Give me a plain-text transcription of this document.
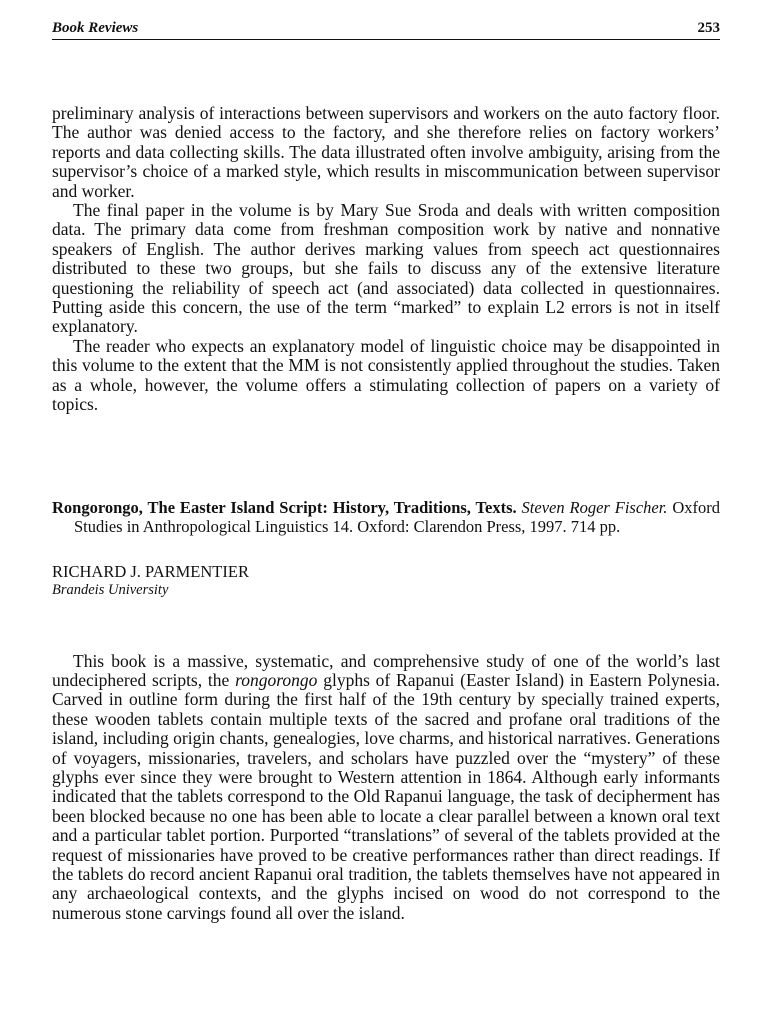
Book Reviews	253

preliminary analysis of interactions between supervisors and workers on the auto factory floor. The author was denied access to the factory, and she therefore relies on factory workers’ reports and data collecting skills. The data illustrated often involve ambiguity, arising from the supervisor’s choice of a marked style, which results in miscommunication between supervisor and worker.

The final paper in the volume is by Mary Sue Sroda and deals with written composition data. The primary data come from freshman composition work by native and nonnative speakers of English. The author derives marking values from speech act questionnaires distributed to these two groups, but she fails to discuss any of the extensive literature questioning the reliability of speech act (and associated) data collected in questionnaires. Putting aside this concern, the use of the term “marked” to explain L2 errors is not in itself explanatory.

The reader who expects an explanatory model of linguistic choice may be disappointed in this volume to the extent that the MM is not consistently applied throughout the studies. Taken as a whole, however, the volume offers a stimulating collection of papers on a variety of topics.

Rongorongo, The Easter Island Script: History, Traditions, Texts. Steven Roger Fischer. Oxford Studies in Anthropological Linguistics 14. Oxford: Clarendon Press, 1997. 714 pp.

RICHARD J. PARMENTIER
Brandeis University

This book is a massive, systematic, and comprehensive study of one of the world’s last undeciphered scripts, the rongorongo glyphs of Rapanui (Easter Island) in Eastern Polynesia. Carved in outline form during the first half of the 19th century by specially trained experts, these wooden tablets contain multiple texts of the sacred and profane oral traditions of the island, including origin chants, genealogies, love charms, and historical narratives. Generations of voyagers, missionaries, travelers, and scholars have puzzled over the “mystery” of these glyphs ever since they were brought to Western attention in 1864. Although early informants indicated that the tablets correspond to the Old Rapanui language, the task of decipherment has been blocked because no one has been able to locate a clear parallel between a known oral text and a particular tablet portion. Purported “translations” of several of the tablets provided at the request of missionaries have proved to be creative performances rather than direct readings. If the tablets do record ancient Rapanui oral tradition, the tablets themselves have not appeared in any archaeological contexts, and the glyphs incised on wood do not correspond to the numerous stone carvings found all over the island.
